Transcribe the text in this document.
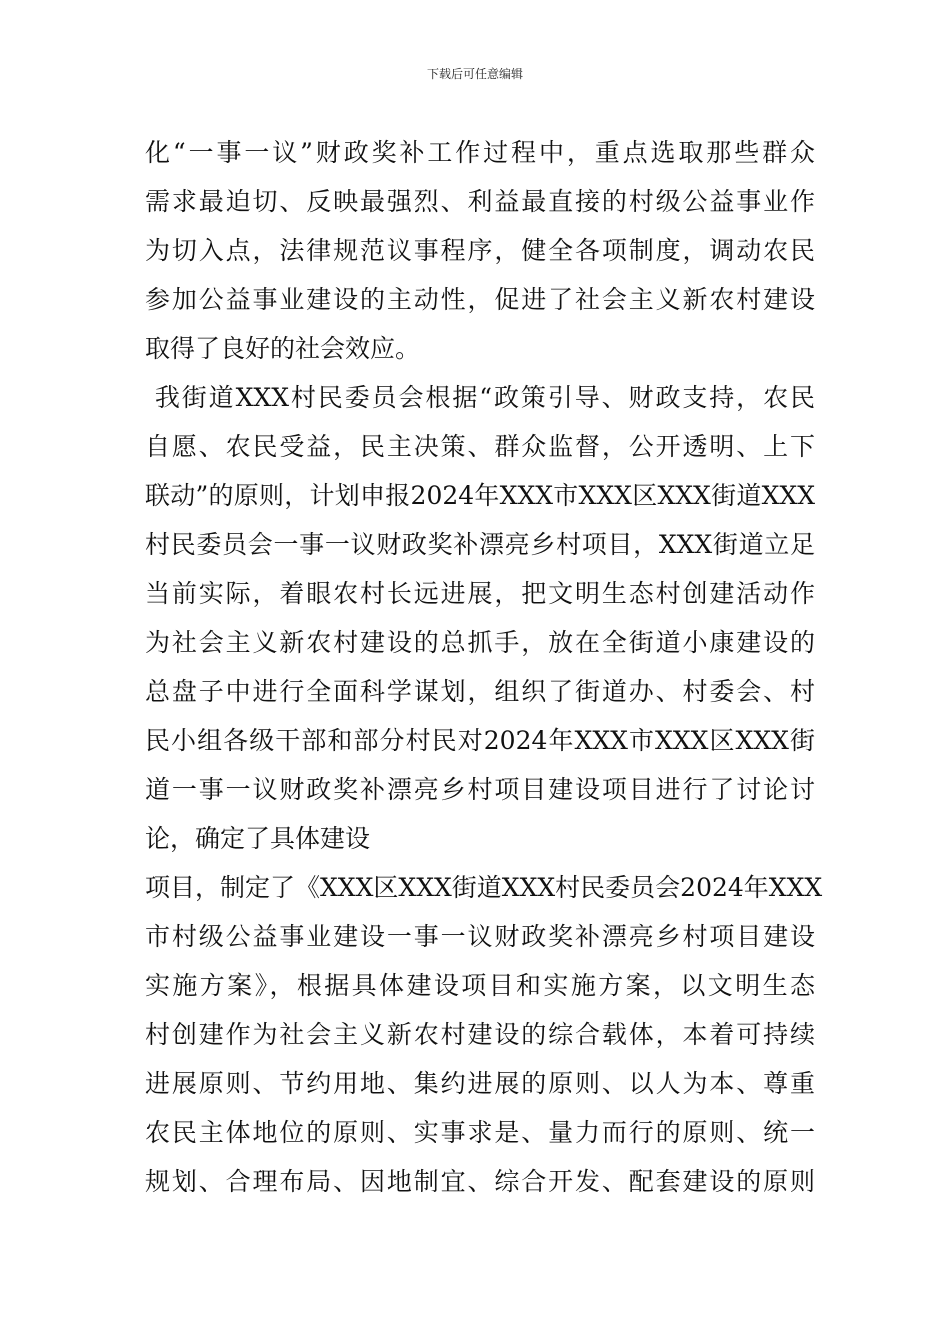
下载后可任意编辑
化“一事一议”财政奖补工作过程中，重点选取那些群众
需求最迫切、反映最强烈、利益最直接的村级公益事业作
为切入点，法律规范议事程序，健全各项制度，调动农民
参加公益事业建设的主动性，促进了社会主义新农村建设
取得了良好的社会效应。
我街道XXX村民委员会根据“政策引导、财政支持，农民
自愿、农民受益，民主决策、群众监督，公开透明、上下
联动”的原则，计划申报2024年XXX市XXX区XXX街道XXX
村民委员会一事一议财政奖补漂亮乡村项目，XXX街道立足
当前实际，着眼农村长远进展，把文明生态村创建活动作
为社会主义新农村建设的总抓手，放在全街道小康建设的
总盘子中进行全面科学谋划，组织了街道办、村委会、村
民小组各级干部和部分村民对2024年XXX市XXX区XXX街
道一事一议财政奖补漂亮乡村项目建设项目进行了讨论讨
论，确定了具体建设
项目，制定了《XXX区XXX街道XXX村民委员会2024年XXX
市村级公益事业建设一事一议财政奖补漂亮乡村项目建设
实施方案》，根据具体建设项目和实施方案，以文明生态
村创建作为社会主义新农村建设的综合载体，本着可持续
进展原则、节约用地、集约进展的原则、以人为本、尊重
农民主体地位的原则、实事求是、量力而行的原则、统一
规划、合理布局、因地制宜、综合开发、配套建设的原则
